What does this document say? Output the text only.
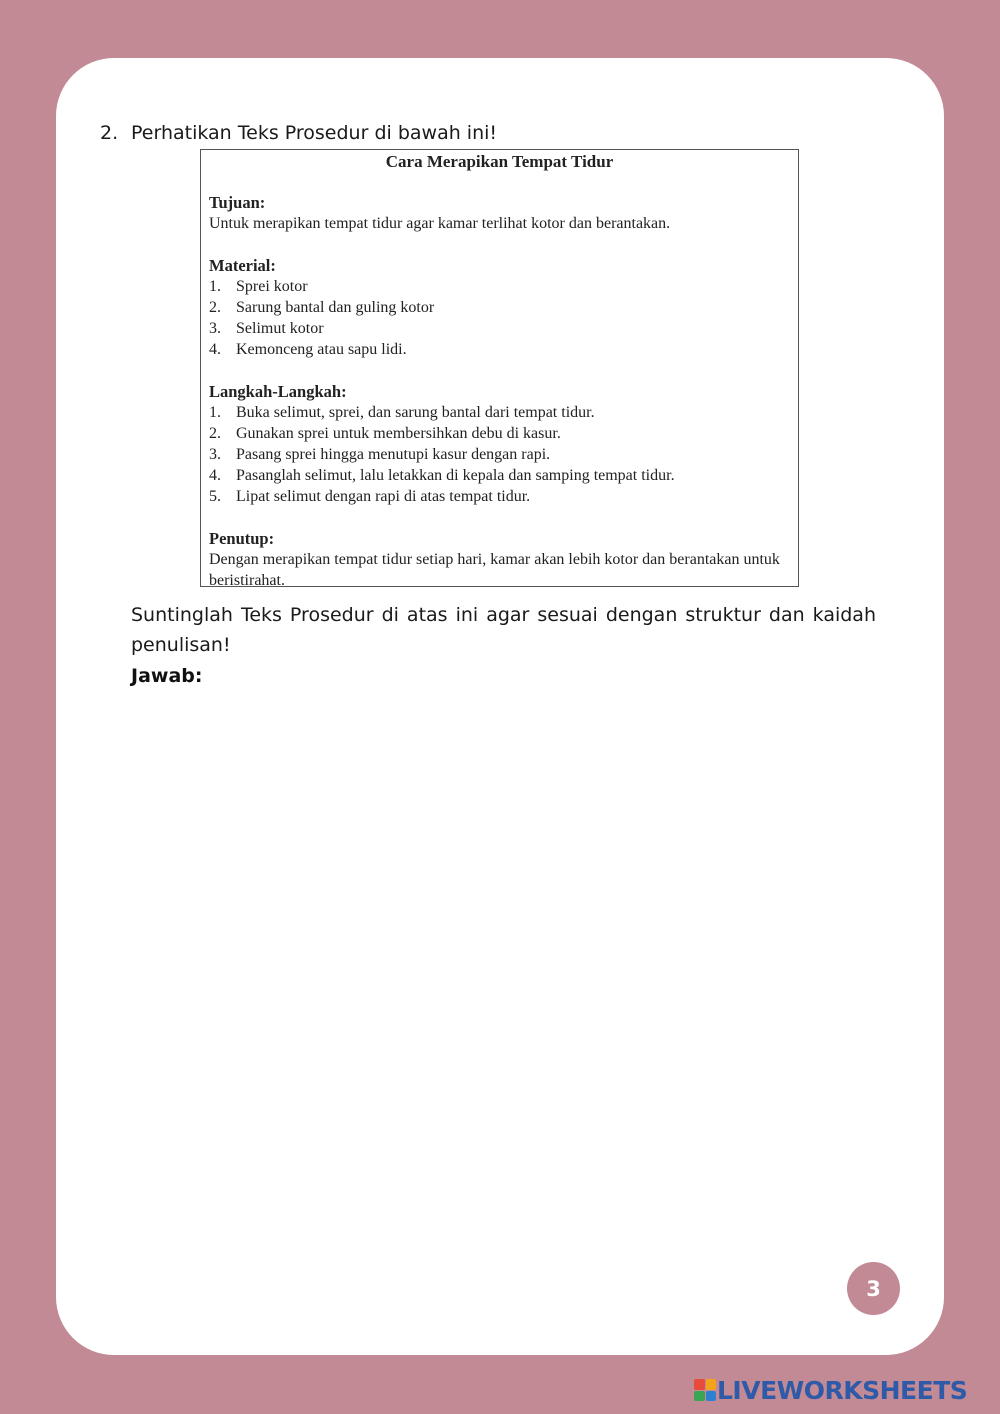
2. Perhatikan Teks Prosedur di bawah ini!
Cara Merapikan Tempat Tidur
Tujuan:
Untuk merapikan tempat tidur agar kamar terlihat kotor dan berantakan.
Material:
1. Sprei kotor
2. Sarung bantal dan guling kotor
3. Selimut kotor
4. Kemonceng atau sapu lidi.
Langkah-Langkah:
1. Buka selimut, sprei, dan sarung bantal dari tempat tidur.
2. Gunakan sprei untuk membersihkan debu di kasur.
3. Pasang sprei hingga menutupi kasur dengan rapi.
4. Pasanglah selimut, lalu letakkan di kepala dan samping tempat tidur.
5. Lipat selimut dengan rapi di atas tempat tidur.
Penutup:
Dengan merapikan tempat tidur setiap hari, kamar akan lebih kotor dan berantakan untuk beristirahat.
Suntinglah Teks Prosedur di atas ini agar sesuai dengan struktur dan kaidah penulisan!
Jawab:
3
LIVEWORKSHEETS
